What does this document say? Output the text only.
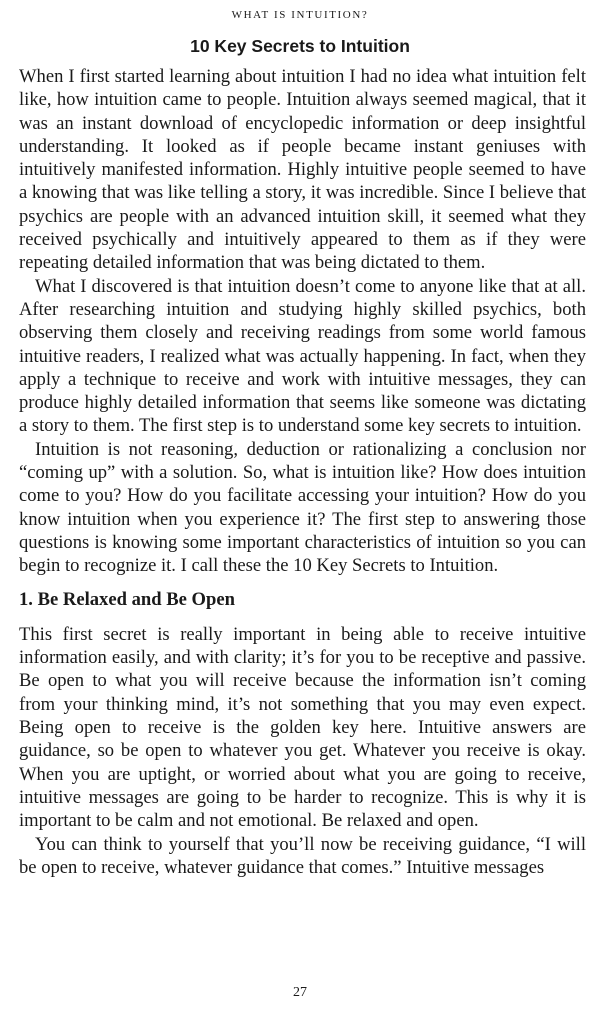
WHAT IS INTUITION?
10 Key Secrets to Intuition

When I first started learning about intuition I had no idea what intuition felt like, how intuition came to people. Intuition always seemed magical, that it was an instant download of encyclopedic information or deep insightful understanding. It looked as if people became instant geniuses with intuitively manifested information. Highly intuitive people seemed to have a knowing that was like telling a story, it was incredible. Since I believe that psychics are people with an advanced intuition skill, it seemed what they received psychically and intuitively appeared to them as if they were repeating detailed information that was being dictated to them.

What I discovered is that intuition doesn’t come to anyone like that at all. After researching intuition and studying highly skilled psychics, both observing them closely and receiving readings from some world famous intuitive readers, I realized what was actually happening. In fact, when they apply a technique to receive and work with intuitive messages, they can produce highly detailed information that seems like someone was dictating a story to them. The first step is to understand some key secrets to intuition.

Intuition is not reasoning, deduction or rationalizing a conclusion nor “coming up” with a solution. So, what is intuition like? How does intuition come to you? How do you facilitate accessing your intuition? How do you know intuition when you experience it? The first step to answering those questions is knowing some important characteristics of intuition so you can begin to recognize it. I call these the 10 Key Secrets to Intuition.

1. Be Relaxed and Be Open

This first secret is really important in being able to receive intuitive information easily, and with clarity; it’s for you to be receptive and passive. Be open to what you will receive because the information isn’t coming from your thinking mind, it’s not something that you may even expect. Being open to receive is the golden key here. Intuitive answers are guidance, so be open to whatever you get. Whatever you receive is okay. When you are uptight, or worried about what you are going to receive, intuitive messages are going to be harder to recognize. This is why it is important to be calm and not emotional. Be relaxed and open.

You can think to yourself that you’ll now be receiving guidance, “I will be open to receive, whatever guidance that comes.” Intuitive messages

27
